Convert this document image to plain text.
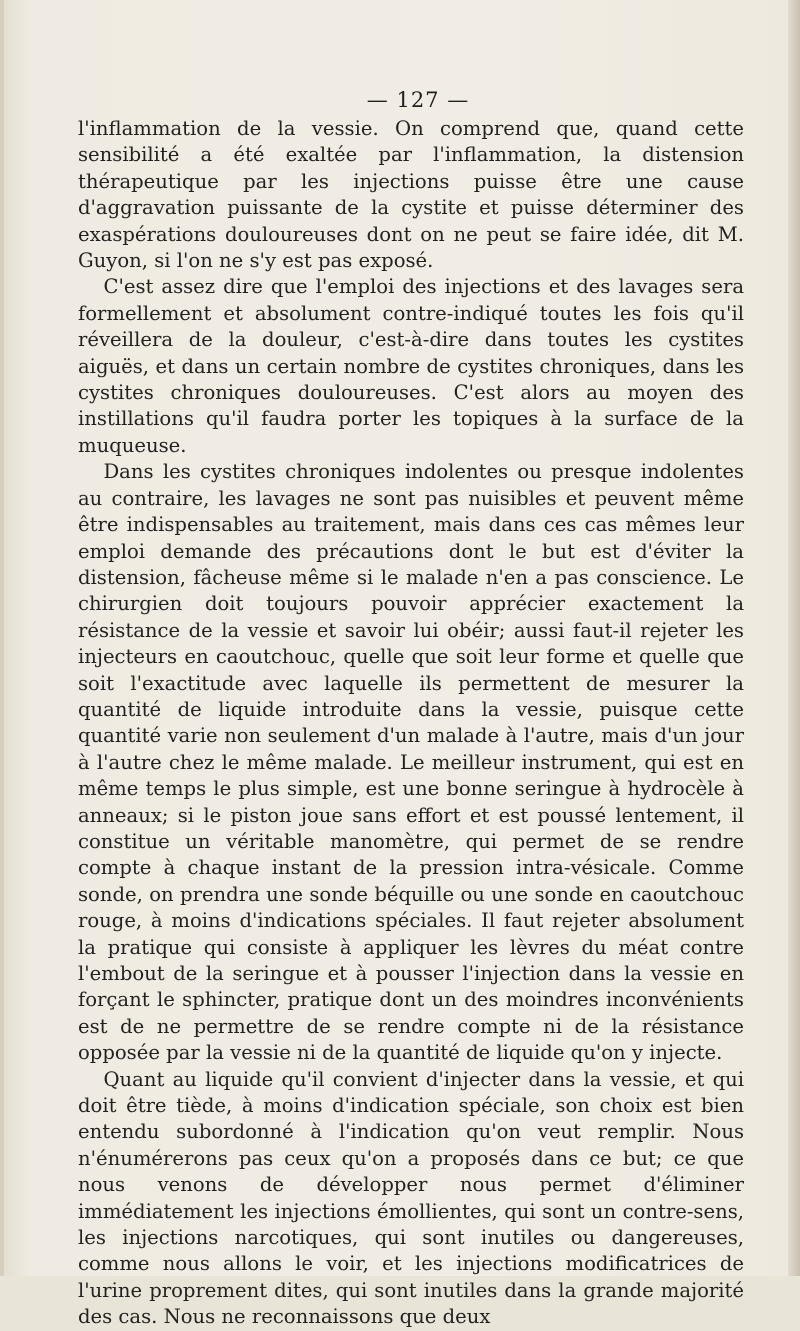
— 127 —

l'inflammation de la vessie. On comprend que, quand cette sensibilité a été exaltée par l'inflammation, la distension thérapeutique par les injections puisse être une cause d'aggravation puissante de la cystite et puisse déterminer des exaspérations douloureuses dont on ne peut se faire idée, dit M. Guyon, si l'on ne s'y est pas exposé.

C'est assez dire que l'emploi des injections et des lavages sera formellement et absolument contre-indiqué toutes les fois qu'il réveillera de la douleur, c'est-à-dire dans toutes les cystites aiguës, et dans un certain nombre de cystites chroniques, dans les cystites chroniques douloureuses. C'est alors au moyen des instillations qu'il faudra porter les topiques à la surface de la muqueuse.

Dans les cystites chroniques indolentes ou presque indolentes au contraire, les lavages ne sont pas nuisibles et peuvent même être indispensables au traitement, mais dans ces cas mêmes leur emploi demande des précautions dont le but est d'éviter la distension, fâcheuse même si le malade n'en a pas conscience. Le chirurgien doit toujours pouvoir apprécier exactement la résistance de la vessie et savoir lui obéir; aussi faut-il rejeter les injecteurs en caoutchouc, quelle que soit leur forme et quelle que soit l'exactitude avec laquelle ils permettent de mesurer la quantité de liquide introduite dans la vessie, puisque cette quantité varie non seulement d'un malade à l'autre, mais d'un jour à l'autre chez le même malade. Le meilleur instrument, qui est en même temps le plus simple, est une bonne seringue à hydrocèle à anneaux; si le piston joue sans effort et est poussé lentement, il constitue un véritable manomètre, qui permet de se rendre compte à chaque instant de la pression intra-vésicale. Comme sonde, on prendra une sonde béquille ou une sonde en caoutchouc rouge, à moins d'indications spéciales. Il faut rejeter absolument la pratique qui consiste à appliquer les lèvres du méat contre l'embout de la seringue et à pousser l'injection dans la vessie en forçant le sphincter, pratique dont un des moindres inconvénients est de ne permettre de se rendre compte ni de la résistance opposée par la vessie ni de la quantité de liquide qu'on y injecte.

Quant au liquide qu'il convient d'injecter dans la vessie, et qui doit être tiède, à moins d'indication spéciale, son choix est bien entendu subordonné à l'indication qu'on veut remplir. Nous n'énumérerons pas ceux qu'on a proposés dans ce but; ce que nous venons de développer nous permet d'éliminer immédiatement les injections émollientes, qui sont un contre-sens, les injections narcotiques, qui sont inutiles ou dangereuses, comme nous allons le voir, et les injections modificatrices de l'urine proprement dites, qui sont inutiles dans la grande majorité des cas. Nous ne reconnaissons que deux
